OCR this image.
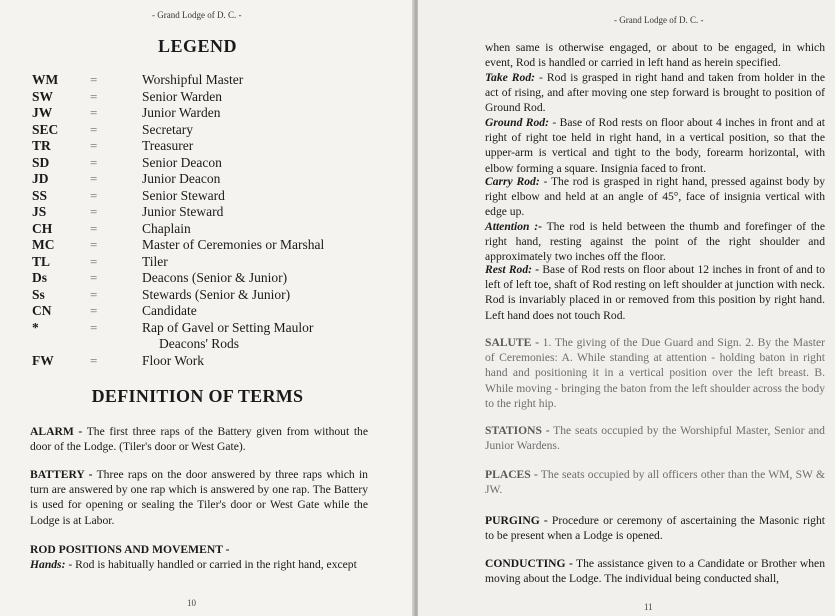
- Grand Lodge of D. C. -
LEGEND
WM	=	Worshipful Master
SW	=	Senior Warden
JW	=	Junior Warden
SEC	=	Secretary
TR	=	Treasurer
SD	=	Senior Deacon
JD	=	Junior Deacon
SS	=	Senior Steward
JS	=	Junior Steward
CH	=	Chaplain
MC	=	Master of Ceremonies or Marshal
TL	=	Tiler
Ds	=	Deacons (Senior & Junior)
Ss	=	Stewards (Senior & Junior)
CN	=	Candidate
*	=	Rap of Gavel or Setting Maulor
Deacons' Rods
FW	=	Floor Work
DEFINITION OF TERMS
ALARM - The first three raps of the Battery given from without the door of the Lodge. (Tiler's door or West Gate).
BATTERY - Three raps on the door answered by three raps which in turn are answered by one rap which is answered by one rap. The Battery is used for opening or sealing the Tiler's door or West Gate while the Lodge is at Labor.
ROD POSITIONS AND MOVEMENT -
Hands: - Rod is habitually handled or carried in the right hand, except
10
- Grand Lodge of D. C. -
when same is otherwise engaged, or about to be engaged, in which event, Rod is handled or carried in left hand as herein specified.
Take Rod: - Rod is grasped in right hand and taken from holder in the act of rising, and after moving one step forward is brought to position of Ground Rod.
Ground Rod: - Base of Rod rests on floor about 4 inches in front and at right of right toe held in right hand, in a vertical position, so that the upper-arm is vertical and tight to the body, forearm horizontal, with elbow forming a square. Insignia faced to front.
Carry Rod: - The rod is grasped in right hand, pressed against body by right elbow and held at an angle of 45°, face of insignia vertical with edge up.
Attention :- The rod is held between the thumb and forefinger of the right hand, resting against the point of the right shoulder and approximately two inches off the floor.
Rest Rod: - Base of Rod rests on floor about 12 inches in front of and to left of left toe, shaft of Rod resting on left shoulder at junction with neck. Rod is invariably placed in or removed from this position by right hand. Left hand does not touch Rod.
SALUTE - 1. The giving of the Due Guard and Sign. 2. By the Master of Ceremonies: A. While standing at attention - holding baton in right hand and positioning it in a vertical position over the left breast. B. While moving - bringing the baton from the left shoulder across the body to the right hip.
STATIONS - The seats occupied by the Worshipful Master, Senior and Junior Wardens.
PLACES - The seats occupied by all officers other than the WM, SW & JW.
PURGING - Procedure or ceremony of ascertaining the Masonic right to be present when a Lodge is opened.
CONDUCTING - The assistance given to a Candidate or Brother when moving about the Lodge. The individual being conducted shall,
11
